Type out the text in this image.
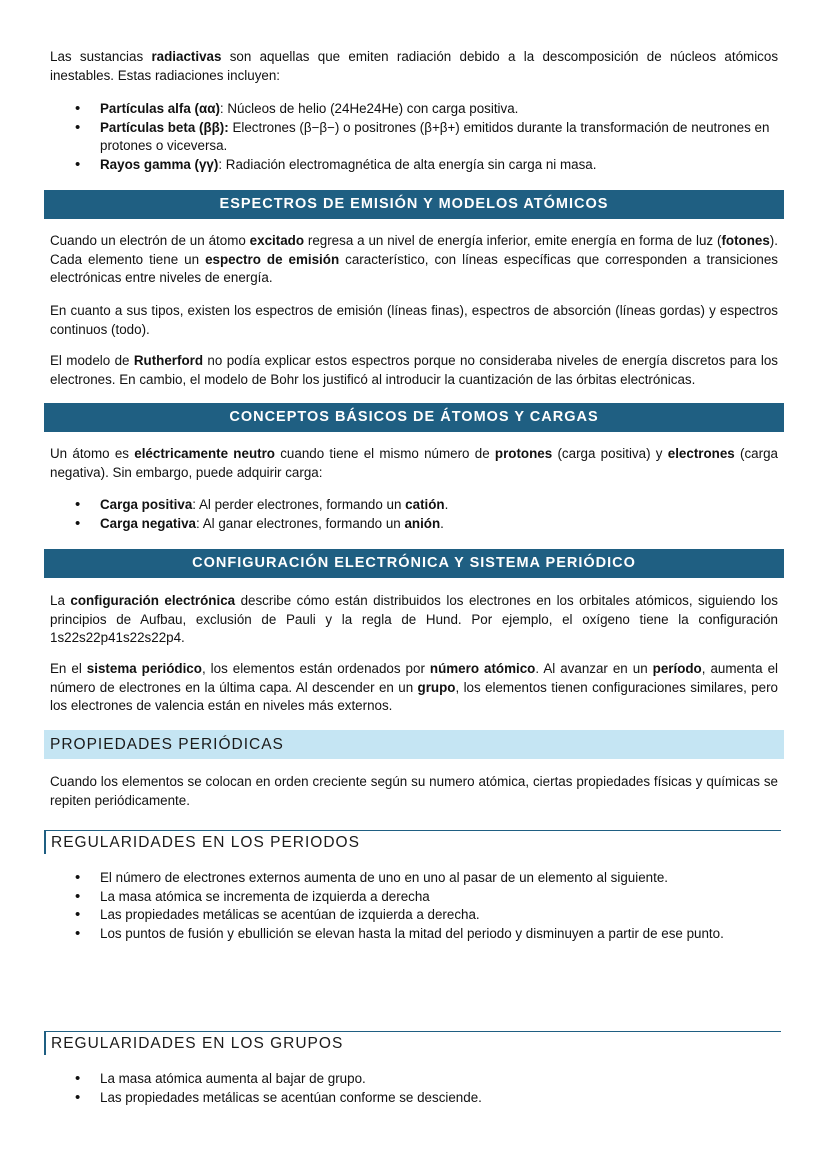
Las sustancias radiactivas son aquellas que emiten radiación debido a la descomposición de núcleos atómicos inestables. Estas radiaciones incluyen:

• Partículas alfa (αα): Núcleos de helio (24He24He) con carga positiva.
• Partículas beta (ββ): Electrones (β−β−) o positrones (β+β+) emitidos durante la transformación de neutrones en protones o viceversa.
• Rayos gamma (γγ): Radiación electromagnética de alta energía sin carga ni masa.
ESPECTROS DE EMISIÓN Y MODELOS ATÓMICOS

Cuando un electrón de un átomo excitado regresa a un nivel de energía inferior, emite energía en forma de luz (fotones). Cada elemento tiene un espectro de emisión característico, con líneas específicas que corresponden a transiciones electrónicas entre niveles de energía.

En cuanto a sus tipos, existen los espectros de emisión (líneas finas), espectros de absorción (líneas gordas) y espectros continuos (todo).

El modelo de Rutherford no podía explicar estos espectros porque no consideraba niveles de energía discretos para los electrones. En cambio, el modelo de Bohr los justificó al introducir la cuantización de las órbitas electrónicas.

CONCEPTOS BÁSICOS DE ÁTOMOS Y CARGAS

Un átomo es eléctricamente neutro cuando tiene el mismo número de protones (carga positiva) y electrones (carga negativa). Sin embargo, puede adquirir carga:

• Carga positiva: Al perder electrones, formando un catión.
• Carga negativa: Al ganar electrones, formando un anión.
CONFIGURACIÓN ELECTRÓNICA Y SISTEMA PERIÓDICO

La configuración electrónica describe cómo están distribuidos los electrones en los orbitales atómicos, siguiendo los principios de Aufbau, exclusión de Pauli y la regla de Hund. Por ejemplo, el oxígeno tiene la configuración 1s22s22p41s22s22p4.

En el sistema periódico, los elementos están ordenados por número atómico. Al avanzar en un período, aumenta el número de electrones en la última capa. Al descender en un grupo, los elementos tienen configuraciones similares, pero los electrones de valencia están en niveles más externos.

PROPIEDADES PERIÓDICAS

Cuando los elementos se colocan en orden creciente según su numero atómica, ciertas propiedades físicas y químicas se repiten periódicamente.

REGULARIDADES EN LOS PERIODOS
• El número de electrones externos aumenta de uno en uno al pasar de un elemento al siguiente.
• La masa atómica se incrementa de izquierda a derecha
• Las propiedades metálicas se acentúan de izquierda a derecha.
• Los puntos de fusión y ebullición se elevan hasta la mitad del periodo y disminuyen a partir de ese punto.
REGULARIDADES EN LOS GRUPOS
• La masa atómica aumenta al bajar de grupo.
• Las propiedades metálicas se acentúan conforme se desciende.
